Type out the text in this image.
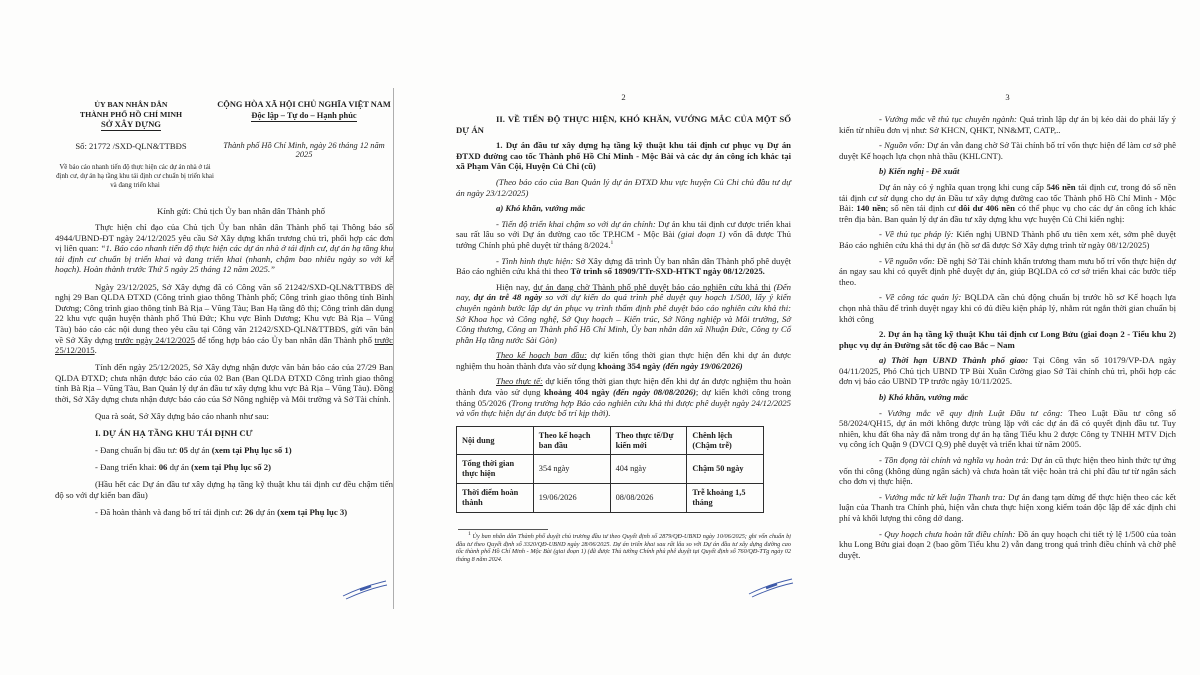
ỦY BAN NHÂN DÂN
THÀNH PHỐ HỒ CHÍ MINH
SỞ XÂY DỰNG
CỘNG HÒA XÃ HỘI CHỦ NGHĨA VIỆT NAM
Độc lập – Tự do – Hạnh phúc
Số: 21772 /SXD-QLN&TTBĐS	Thành phố Hồ Chí Minh, ngày 26 tháng 12 năm 2025
Về báo cáo nhanh tiến độ thực hiện các dự án nhà ở tái định cư, dự án hạ tầng khu tái định cư chuẩn bị triển khai và đang triển khai
Kính gửi: Chủ tịch Ủy ban nhân dân Thành phố
Thực hiện chỉ đạo của Chủ tịch Ủy ban nhân dân Thành phố tại Thông báo số 4944/UBND-ĐT ngày 24/12/2025 yêu cầu Sở Xây dựng khẩn trương chủ trì, phối hợp các đơn vị liên quan: “1. Báo cáo nhanh tiến độ thực hiện các dự án nhà ở tái định cư, dự án hạ tầng khu tái định cư chuẩn bị triển khai và đang triển khai (nhanh, chậm bao nhiêu ngày so với kế hoạch). Hoàn thành trước Thứ 5 ngày 25 tháng 12 năm 2025.”
Ngày 23/12/2025, Sở Xây dựng đã có Công văn số 21242/SXD-QLN&TTBĐS đề nghị 29 Ban QLDA ĐTXD (Công trình giao thông Thành phố; Công trình giao thông tỉnh Bình Dương; Công trình giao thông tỉnh Bà Rịa – Vũng Tàu; Ban Hạ tầng đô thị; Công trình dân dụng 22 khu vực quận huyện thành phố Thủ Đức; Khu vực Bình Dương; Khu vực Bà Rịa – Vũng Tàu) báo cáo các nội dung theo yêu cầu tại Công văn 21242/SXD-QLN&TTBĐS, gửi văn bản về Sở Xây dựng trước ngày 24/12/2025 để tổng hợp báo cáo Ủy ban nhân dân Thành phố trước 25/12/2015.
Tính đến ngày 25/12/2025, Sở Xây dựng nhận được văn bản báo cáo của 27/29 Ban QLDA ĐTXD; chưa nhận được báo cáo của 02 Ban (Ban QLDA ĐTXD Công trình giao thông tỉnh Bà Rịa – Vũng Tàu, Ban Quản lý dự án đầu tư xây dựng khu vực Bà Rịa – Vũng Tàu). Đồng thời, Sở Xây dựng chưa nhận được báo cáo của Sở Nông nghiệp và Môi trường và Sở Tài chính.
Qua rà soát, Sở Xây dựng báo cáo nhanh như sau:
I. DỰ ÁN HẠ TẦNG KHU TÁI ĐỊNH CƯ
- Đang chuẩn bị đầu tư: 05 dự án (xem tại Phụ lục số 1)
- Đang triển khai: 06 dự án (xem tại Phụ lục số 2)
(Hầu hết các Dự án đầu tư xây dựng hạ tầng kỹ thuật khu tái định cư đều chậm tiến độ so với dự kiến ban đầu)
- Đã hoàn thành và đang bố trí tái định cư: 26 dự án (xem tại Phụ lục 3)
2
II. VỀ TIẾN ĐỘ THỰC HIỆN, KHÓ KHĂN, VƯỚNG MẮC CỦA MỘT SỐ DỰ ÁN
1. Dự án đầu tư xây dựng hạ tầng kỹ thuật khu tái định cư phục vụ Dự án ĐTXD đường cao tốc Thành phố Hồ Chí Minh - Mộc Bài và các dự án công ích khác tại xã Phạm Văn Cội, Huyện Củ Chi (cũ)
(Theo báo cáo của Ban Quản lý dự án ĐTXD khu vực huyện Củ Chi chủ đầu tư dự án ngày 23/12/2025)
a) Khó khăn, vướng mắc
- Tiến độ triển khai chậm so với dự án chính: Dự án khu tái định cư được triển khai sau rất lâu so với Dự án đường cao tốc TP.HCM - Mộc Bài (giai đoạn 1) vốn đã được Thủ tướng Chính phủ phê duyệt từ tháng 8/2024.$^1$
- Tình hình thực hiện: Sở Xây dựng đã trình Ủy ban nhân dân Thành phố phê duyệt Báo cáo nghiên cứu khả thi theo Tờ trình số 18909/TTr-SXD-HTKT ngày 08/12/2025.
Hiện nay, dự án đang chờ Thành phố phê duyệt báo cáo nghiên cứu khả thi (Đến nay, dự án trễ 48 ngày so với dự kiến do quá trình phê duyệt quy hoạch 1/500, lấy ý kiến chuyên ngành bước lập dự án phục vụ trình thẩm định phê duyệt báo cáo nghiên cứu khả thi: Sở Khoa học và Công nghệ, Sở Quy hoạch – Kiến trúc, Sở Nông nghiệp và Môi trường, Sở Công thương, Công an Thành phố Hồ Chí Minh, Ủy ban nhân dân xã Nhuận Đức, Công ty Cổ phần Hạ tầng nước Sài Gòn)
Theo kế hoạch ban đầu: dự kiến tổng thời gian thực hiện đến khi dự án được nghiệm thu hoàn thành đưa vào sử dụng khoảng 354 ngày (đến ngày 19/06/2026)
Theo thực tế: dự kiến tổng thời gian thực hiện đến khi dự án được nghiệm thu hoàn thành đưa vào sử dụng khoảng 404 ngày (đến ngày 08/08/2026); dự kiến khởi công trong tháng 05/2026 (Trong trường hợp Báo cáo nghiên cứu khả thi được phê duyệt ngày 24/12/2025 và vốn thực hiện dự án được bố trí kịp thời).
Nội dung	Theo kế hoạch ban đầu	Theo thực tế/Dự kiến mới	Chênh lệch (Chậm trễ)
Tổng thời gian thực hiện	354 ngày	404 ngày	Chậm 50 ngày
Thời điểm hoàn thành	19/06/2026	08/08/2026	Trễ khoảng 1,5 tháng
1 Ủy ban nhân dân Thành phố duyệt chủ trương đầu tư theo Quyết định số 2879/QĐ-UBND ngày 10/06/2025; ghi vốn chuẩn bị đầu tư theo Quyết định số 3320/QĐ-UBND ngày 28/06/2025. Dự án triển khai sau rất lâu so với Dự án đầu tư xây dựng đường cao tốc thành phố Hồ Chí Minh - Mộc Bài (giai đoạn 1) (đã được Thủ tướng Chính phủ phê duyệt tại Quyết định số 760/QĐ-TTg ngày 02 tháng 8 năm 2024.
3
- Vướng mắc về thủ tục chuyên ngành: Quá trình lập dự án bị kéo dài do phải lấy ý kiến từ nhiều đơn vị như: Sở KHCN, QHKT, NN&MT, CATP,..
- Nguồn vốn: Dự án vẫn đang chờ Sở Tài chính bố trí vốn thực hiện để làm cơ sở phê duyệt Kế hoạch lựa chọn nhà thầu (KHLCNT).
b) Kiến nghị - Đề xuất
Dự án này có ý nghĩa quan trọng khi cung cấp 546 nền tái định cư, trong đó số nền tái định cư sử dụng cho dự án Đầu tư xây dựng đường cao tốc Thành phố Hồ Chí Minh - Mộc Bài: 140 nền; số nền tái định cư dôi dư 406 nền có thể phục vụ cho các dự án công ích khác trên địa bàn. Ban quản lý dự án đầu tư xây dựng khu vực huyện Củ Chi kiến nghị:
- Về thủ tục pháp lý: Kiến nghị UBND Thành phố ưu tiên xem xét, sớm phê duyệt Báo cáo nghiên cứu khả thi dự án (hồ sơ đã được Sở Xây dựng trình từ ngày 08/12/2025)
- Về nguồn vốn: Đề nghị Sở Tài chính khẩn trương tham mưu bố trí vốn thực hiện dự án ngay sau khi có quyết định phê duyệt dự án, giúp BQLDA có cơ sở triển khai các bước tiếp theo.
- Về công tác quản lý: BQLDA cần chủ động chuẩn bị trước hồ sơ Kế hoạch lựa chọn nhà thầu để trình duyệt ngay khi có đủ điều kiện pháp lý, nhằm rút ngắn thời gian chuẩn bị khởi công
2. Dự án hạ tầng kỹ thuật Khu tái định cư Long Bửu (giai đoạn 2 - Tiểu khu 2) phục vụ dự án Đường sắt tốc độ cao Bắc – Nam
a) Thời hạn UBND Thành phố giao: Tại Công văn số 10179/VP-DA ngày 04/11/2025, Phó Chủ tịch UBND TP Bùi Xuân Cường giao Sở Tài chính chủ trì, phối hợp các đơn vị báo cáo UBND TP trước ngày 10/11/2025.
b) Khó khăn, vướng mắc
- Vướng mắc về quy định Luật Đầu tư công: Theo Luật Đầu tư công số 58/2024/QH15, dự án mới không được trùng lặp với các dự án đã có quyết định đầu tư. Tuy nhiên, khu đất 6ha này đã nằm trong dự án hạ tầng Tiểu khu 2 được Công ty TNHH MTV Dịch vụ công ích Quận 9 (DVCI Q.9) phê duyệt và triển khai từ năm 2005.
- Tồn đọng tài chính và nghĩa vụ hoàn trả: Dự án cũ thực hiện theo hình thức tự ứng vốn thi công (không dùng ngân sách) và chưa hoàn tất việc hoàn trả chi phí đầu tư từ ngân sách cho đơn vị thực hiện.
- Vướng mắc từ kết luận Thanh tra: Dự án đang tạm dừng để thực hiện theo các kết luận của Thanh tra Chính phủ, hiện vẫn chưa thực hiện xong kiểm toán độc lập để xác định chi phí và khối lượng thi công dở dang.
- Quy hoạch chưa hoàn tất điều chỉnh: Đồ án quy hoạch chi tiết tỷ lệ 1/500 của toàn khu Long Bửu giai đoạn 2 (bao gồm Tiểu khu 2) vẫn đang trong quá trình điều chỉnh và chờ phê duyệt.
